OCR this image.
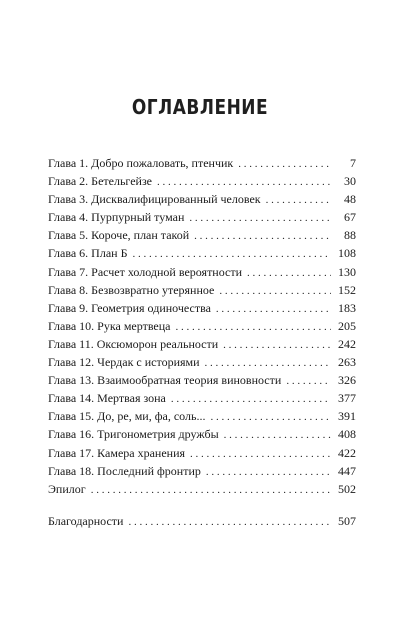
ОГЛАВЛЕНИЕ
Глава 1. Добро пожаловать, птенчик . . .	7
Глава 2. Бетельгейзе . . .	30
Глава 3. Дисквалифицированный человек . . .	48
Глава 4. Пурпурный туман . . .	67
Глава 5. Короче, план такой . . .	88
Глава 6. План Б . . .	108
Глава 7. Расчет холодной вероятности . . .	130
Глава 8. Безвозвратно утерянное . . .	152
Глава 9. Геометрия одиночества . . .	183
Глава 10. Рука мертвеца . . .	205
Глава 11. Оксюморон реальности . . .	242
Глава 12. Чердак с историями . . .	263
Глава 13. Взаимообратная теория виновности . . .	326
Глава 14. Мертвая зона . . .	377
Глава 15. До, ре, ми, фа, соль... . . .	391
Глава 16. Тригонометрия дружбы . . .	408
Глава 17. Камера хранения . . .	422
Глава 18. Последний фронтир . . .	447
Эпилог . . .	502
Благодарности . . .	507
